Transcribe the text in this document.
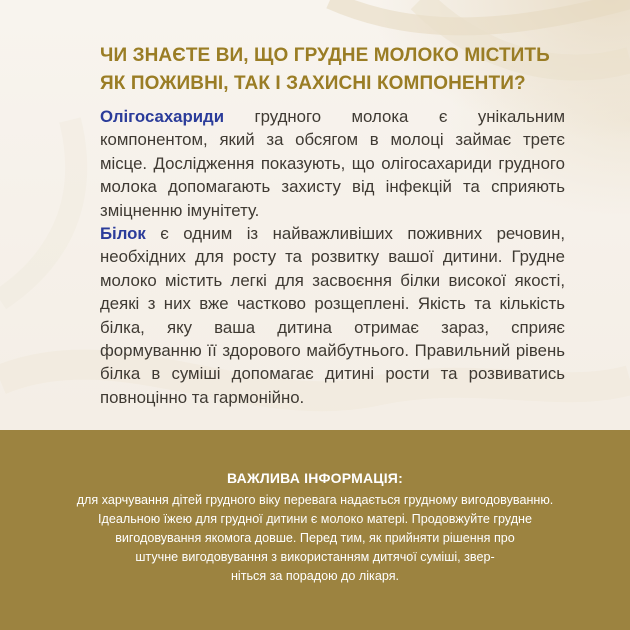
ЧИ ЗНАЄТЕ ВИ, ЩО ГРУДНЕ МОЛОКО МІСТИТЬ
ЯК ПОЖИВНІ, ТАК І ЗАХИСНІ КОМПОНЕНТИ?
Олігосахариди грудного молока є унікальним компонентом, який за обсягом в молоці займає третє місце. Дослідження показують, що олігосахариди грудного молока допомагають захисту від інфекцій та сприяють зміцненню імунітету.
Білок є одним із найважливіших поживних речовин, необхідних для росту та розвитку вашої дитини. Грудне молоко містить легкі для засвоєння білки високої якості, деякі з них вже частково розщеплені. Якість та кількість білка, яку ваша дитина отримає зараз, сприяє формуванню її здорового майбутнього. Правильний рівень білка в суміші допомагає дитині рости та розвиватись повноцінно та гармонійно.
ВАЖЛИВА ІНФОРМАЦІЯ:
для харчування дітей грудного віку перевага надається грудному вигодовуванню.
Ідеальною їжею для грудної дитини є молоко матері. Продовжуйте грудне
вигодовування якомога довше. Перед тим, як прийняти рішення про
штучне вигодовування з використанням дитячої суміші, звер-
ніться за порадою до лікаря.
